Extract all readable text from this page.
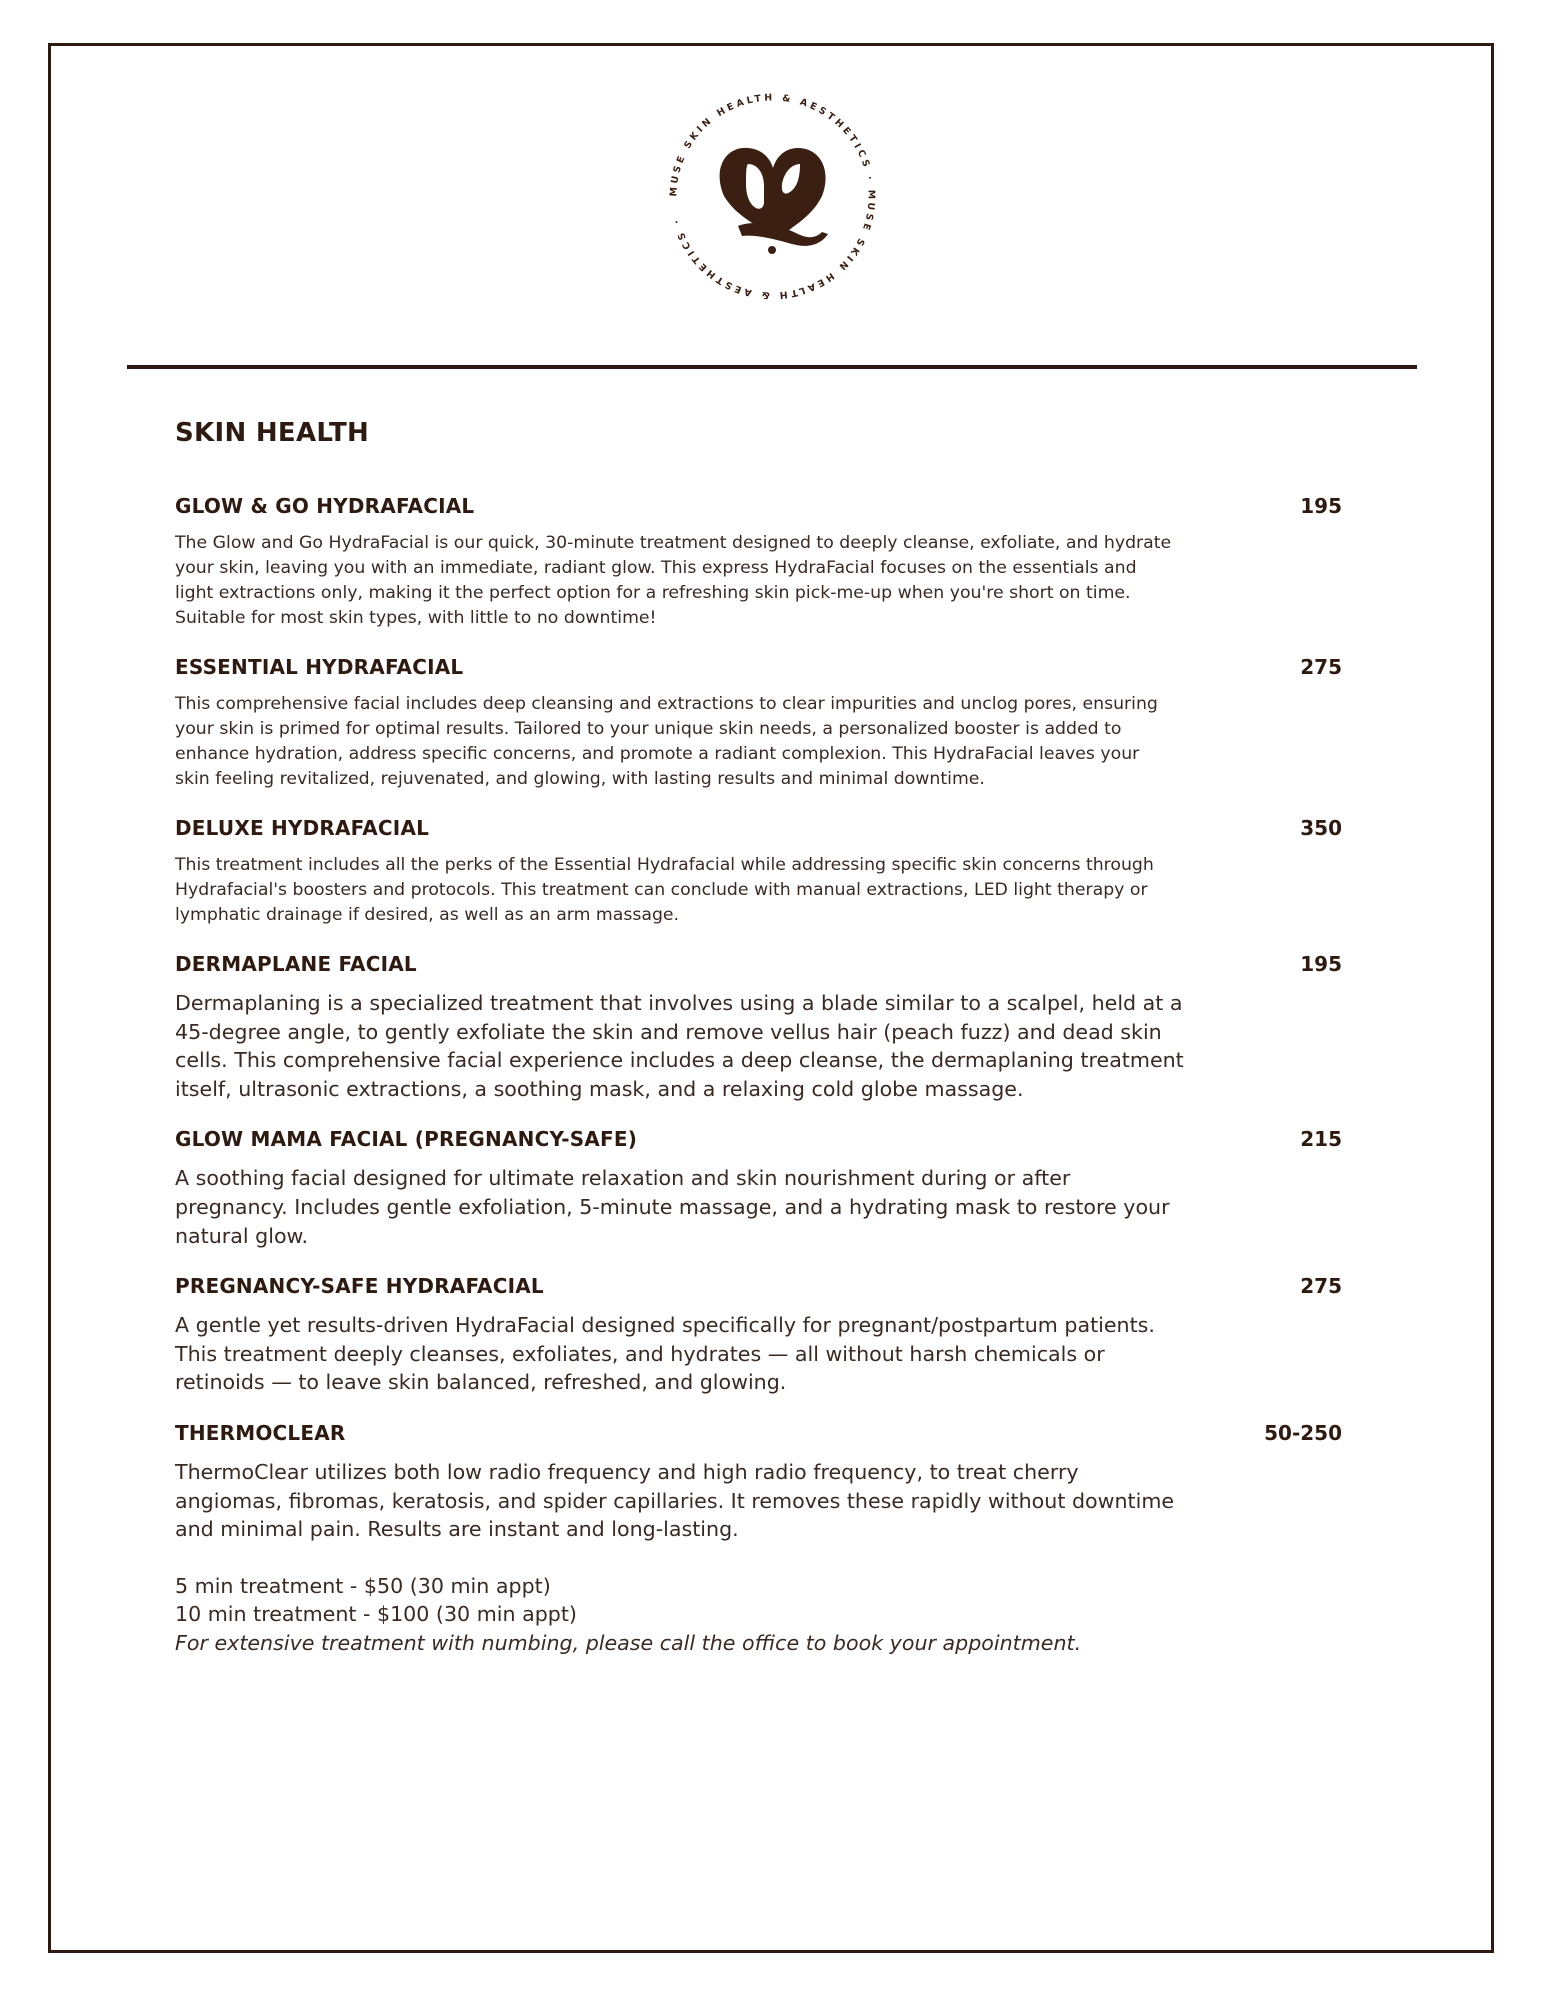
MUSE SKIN HEALTH & AESTHETICS · MUSE SKIN HEALTH & AESTHETICS ·
SKIN HEALTH
GLOW & GO HYDRAFACIAL	195
The Glow and Go HydraFacial is our quick, 30-minute treatment designed to deeply cleanse, exfoliate, and hydrate your skin, leaving you with an immediate, radiant glow. This express HydraFacial focuses on the essentials and light extractions only, making it the perfect option for a refreshing skin pick-me-up when you're short on time. Suitable for most skin types, with little to no downtime!
ESSENTIAL HYDRAFACIAL	275
This comprehensive facial includes deep cleansing and extractions to clear impurities and unclog pores, ensuring your skin is primed for optimal results. Tailored to your unique skin needs, a personalized booster is added to enhance hydration, address specific concerns, and promote a radiant complexion. This HydraFacial leaves your skin feeling revitalized, rejuvenated, and glowing, with lasting results and minimal downtime.
DELUXE HYDRAFACIAL	350
This treatment includes all the perks of the Essential Hydrafacial while addressing specific skin concerns through Hydrafacial's boosters and protocols. This treatment can conclude with manual extractions, LED light therapy or lymphatic drainage if desired, as well as an arm massage.
DERMAPLANE FACIAL	195
Dermaplaning is a specialized treatment that involves using a blade similar to a scalpel, held at a 45-degree angle, to gently exfoliate the skin and remove vellus hair (peach fuzz) and dead skin cells. This comprehensive facial experience includes a deep cleanse, the dermaplaning treatment itself, ultrasonic extractions, a soothing mask, and a relaxing cold globe massage.
GLOW MAMA FACIAL (PREGNANCY-SAFE)	215
A soothing facial designed for ultimate relaxation and skin nourishment during or after pregnancy. Includes gentle exfoliation, 5-minute massage, and a hydrating mask to restore your natural glow.
PREGNANCY-SAFE HYDRAFACIAL	275
A gentle yet results-driven HydraFacial designed specifically for pregnant/postpartum patients. This treatment deeply cleanses, exfoliates, and hydrates — all without harsh chemicals or retinoids — to leave skin balanced, refreshed, and glowing.
THERMOCLEAR	50-250
ThermoClear utilizes both low radio frequency and high radio frequency, to treat cherry angiomas, fibromas, keratosis, and spider capillaries. It removes these rapidly without downtime and minimal pain. Results are instant and long-lasting.
5 min treatment - $50 (30 min appt)
10 min treatment - $100 (30 min appt)
For extensive treatment with numbing, please call the office to book your appointment.
